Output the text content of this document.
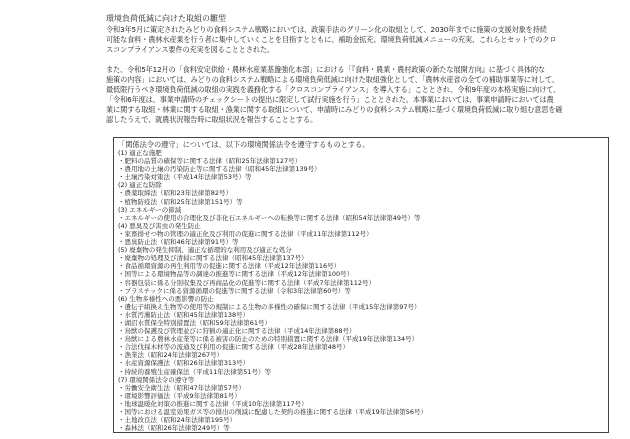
環境負荷低減に向けた取組の雛型
令和3年5月に策定されたみどりの食料システム戦略においては、政策手法のグリーン化の取組として、2030年までに施策の支援対象を持続
可能な食料・農林水産業を行う者に集中していくことを目指すとともに、補助金拡充、環境負荷低減メニューの充実、これらとセットでのクロ
スコンプライアンス要件の充実を図ることとされた。
また、令和5年12月の「食料安定供給・農林水産業基盤強化本部」における「『食料・農業・農村政策の新たな展開方向』に基づく具体的な
施策の内容」においては、みどりの食料システム戦略による環境負荷低減に向けた取組強化として、「農林水産省の全ての補助事業等に対して、
最低限行うべき環境負荷低減の取組の実践を義務化する「クロスコンプライアンス」を導入する」こととされ、令和9年度の本格実施に向けて、
「令和6年度は、事業申請時のチェックシートの提出に限定して試行実施を行う」こととされた。本事業においては、事業申請時においては農
業に関する取組・林業に関する取組・漁業に関する取組について、申請時にみどりの食料システム戦略に基づく環境負荷低減に取り組む意思を確
認したうえで、就農状況報告時に取組状況を報告することとする。
「関係法令の遵守」については、以下の環境関係法令を遵守するものとする。
(1) 適正な施肥
・肥料の品質の確保等に関する法律（昭和25年法律第127号）
・農用地の土壌の汚染防止等に関する法律（昭和45年法律第139号）
・土壌汚染対策法（平成14年法律第53号）等
(2) 適正な防除
・農薬取締法（昭和23年法律第82号）
・植物防疫法（昭和25年法律第151号）等
(3) エネルギーの節減
・エネルギーの使用の合理化及び非化石エネルギーへの転換等に関する法律（昭和54年法律第49号）等
(4) 悪臭及び害虫の発生防止
・家畜排せつ物の管理の適正化及び利用の促進に関する法律（平成11年法律第112号）
・悪臭防止法（昭和46年法律第91号）等
(5) 廃棄物の発生抑制、適正な循環的な利用及び適正な処分
・廃棄物の処理及び清掃に関する法律（昭和45年法律第137号）
・食品循環資源の再生利用等の促進に関する法律（平成12年法律第116号）
・国等による環境物品等の調達の推進等に関する法律（平成12年法律第100号）
・容器包装に係る分別収集及び再商品化の促進等に関する法律（平成7年法律第112号）
・プラスチックに係る資源循環の促進等に関する法律（令和3年法律第60号）等
(6) 生物多様性への悪影響の防止
・遺伝子組換え生物等の使用等の規制による生物の多様性の確保に関する法律（平成15年法律第97号）
・水質汚濁防止法（昭和45年法律第138号）
・湖沼水質保全特別措置法（昭和59年法律第61号）
・鳥獣の保護及び管理並びに狩猟の適正化に関する法律（平成14年法律第88号）
・鳥獣による農林水産業等に係る被害の防止のための特別措置に関する法律（平成19年法律第134号）
・合法伐採木材等の流通及び利用の促進に関する法律（平成28年法律第48号）
・漁業法（昭和24年法律第267号）
・水産資源保護法（昭和26年法律第313号）
・持続的養殖生産確保法（平成11年法律第51号）等
(7) 環境関係法令の遵守等
・労働安全衛生法（昭和47年法律第57号）
・環境影響評価法（平成9年法律第81号）
・地球温暖化対策の推進に関する法律（平成10年法律第117号）
・国等における温室効果ガス等の排出の削減に配慮した契約の推進に関する法律（平成19年法律第56号）
・土地改良法（昭和24年法律第195号）
・森林法（昭和26年法律第249号）等
